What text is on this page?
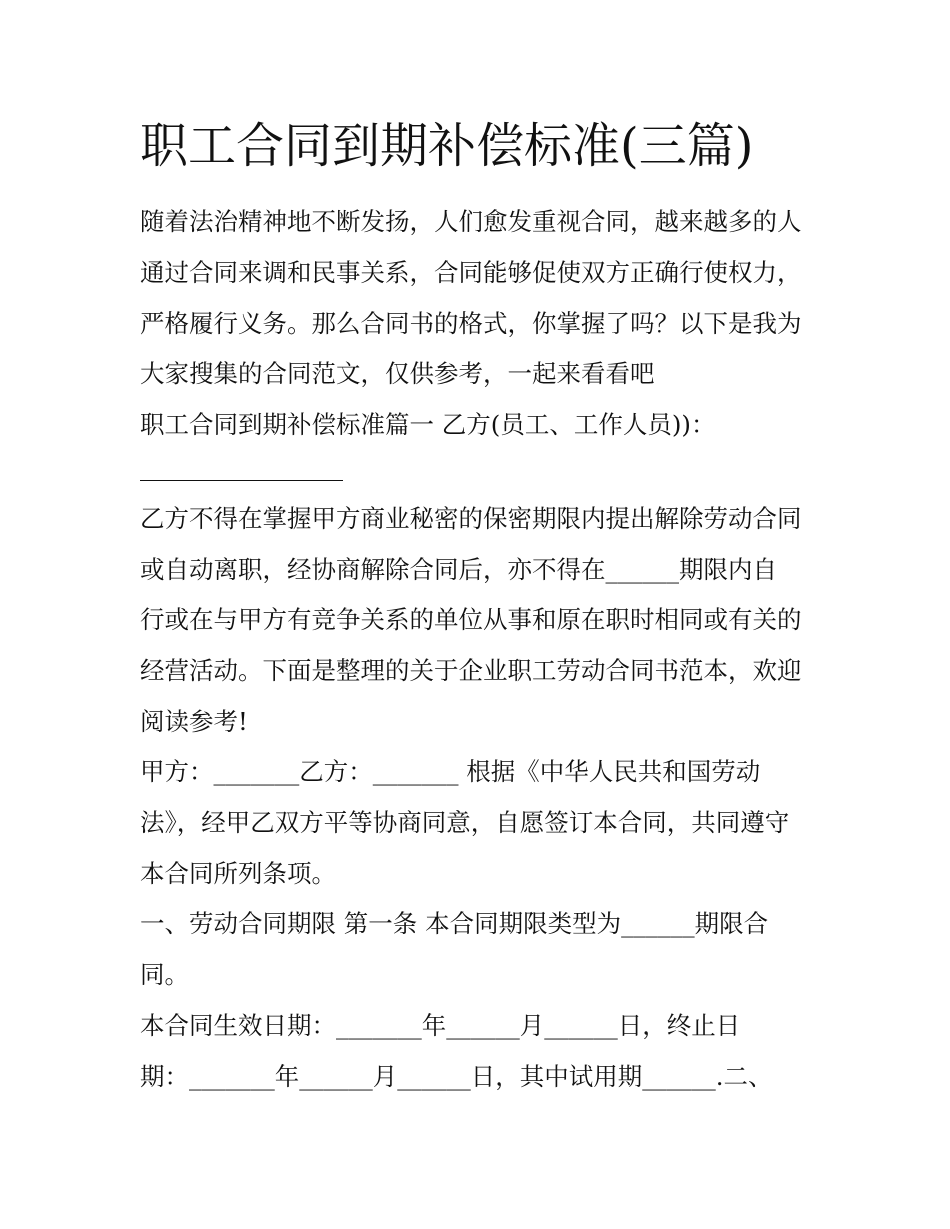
职工合同到期补偿标准(三篇)
随着法治精神地不断发扬，人们愈发重视合同，越来越多的人
通过合同来调和民事关系，合同能够促使双方正确行使权力，
严格履行义务。那么合同书的格式，你掌握了吗？以下是我为
大家搜集的合同范文，仅供参考，一起来看看吧
职工合同到期补偿标准篇一 乙方(员工、工作人员))：
乙方不得在掌握甲方商业秘密的保密期限内提出解除劳动合同
或自动离职，经协商解除合同后，亦不得在______期限内自
行或在与甲方有竞争关系的单位从事和原在职时相同或有关的
经营活动。下面是整理的关于企业职工劳动合同书范本，欢迎
阅读参考!
甲方：_______乙方：_______ 根据《中华人民共和国劳动
法》，经甲乙双方平等协商同意，自愿签订本合同，共同遵守
本合同所列条项。
一、劳动合同期限 第一条 本合同期限类型为______期限合
同。
本合同生效日期：_______年______月______日，终止日
期：_______年______月______日，其中试用期______.二、
